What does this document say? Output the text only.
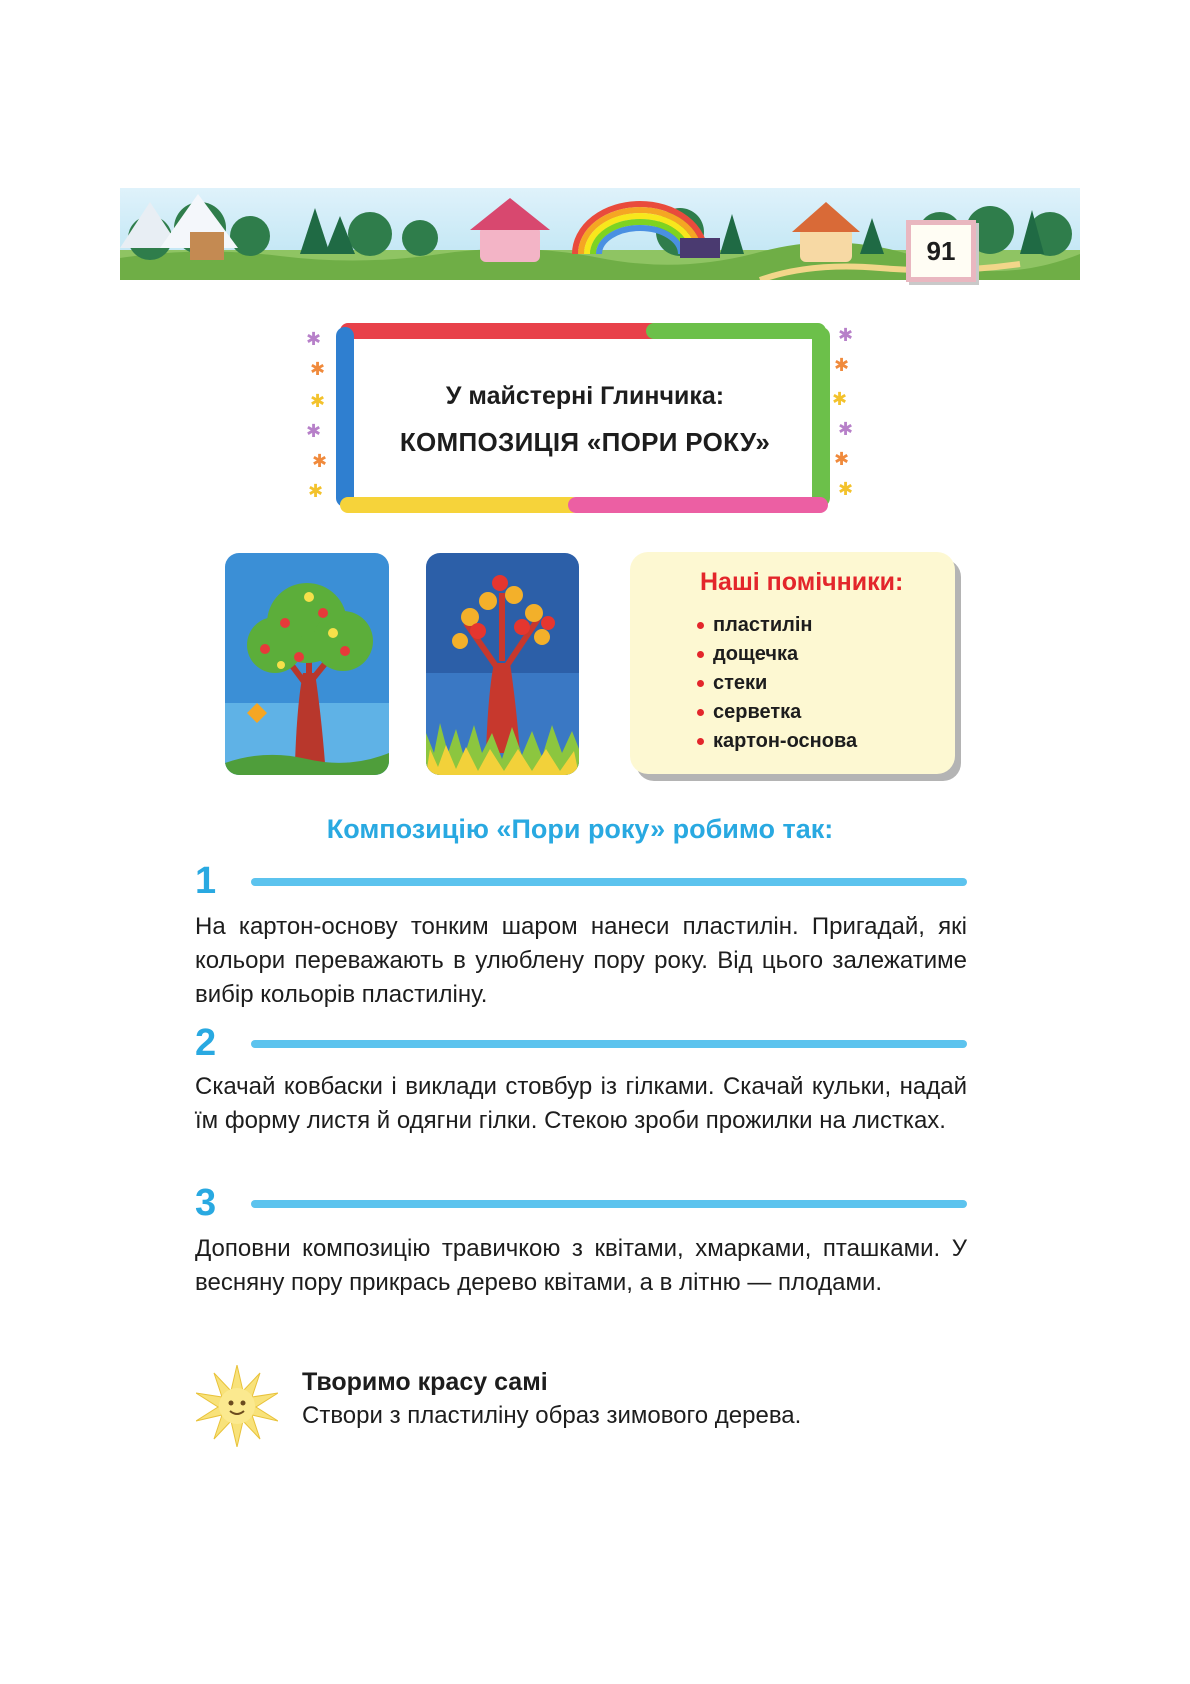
91
✱
✱
✱
✱
✱
✱
✱
✱
✱
✱
✱
✱
У майстерні Глинчика:
КОМПОЗИЦІЯ «ПОРИ РОКУ»
Наші помічники:
пластилін
дощечка
стеки
серветка
картон-основа
Композицію «Пори року» робимо так:
1
На картон-основу тонким шаром нанеси пластилін. Пригадай, які кольори переважають в улюблену пору року. Від цього залежатиме вибір кольорів пластиліну.
2
Скачай ковбаски і виклади стовбур із гілками. Скачай кульки, надай їм форму листя й одягни гілки. Стекою зроби прожилки на листках.
3
Доповни композицію травичкою з квітами, хмарками, пташками. У весняну пору прикрась дерево квітами, а в літню — плодами.
Творимо красу самі
Створи з пластиліну образ зимового дерева.
